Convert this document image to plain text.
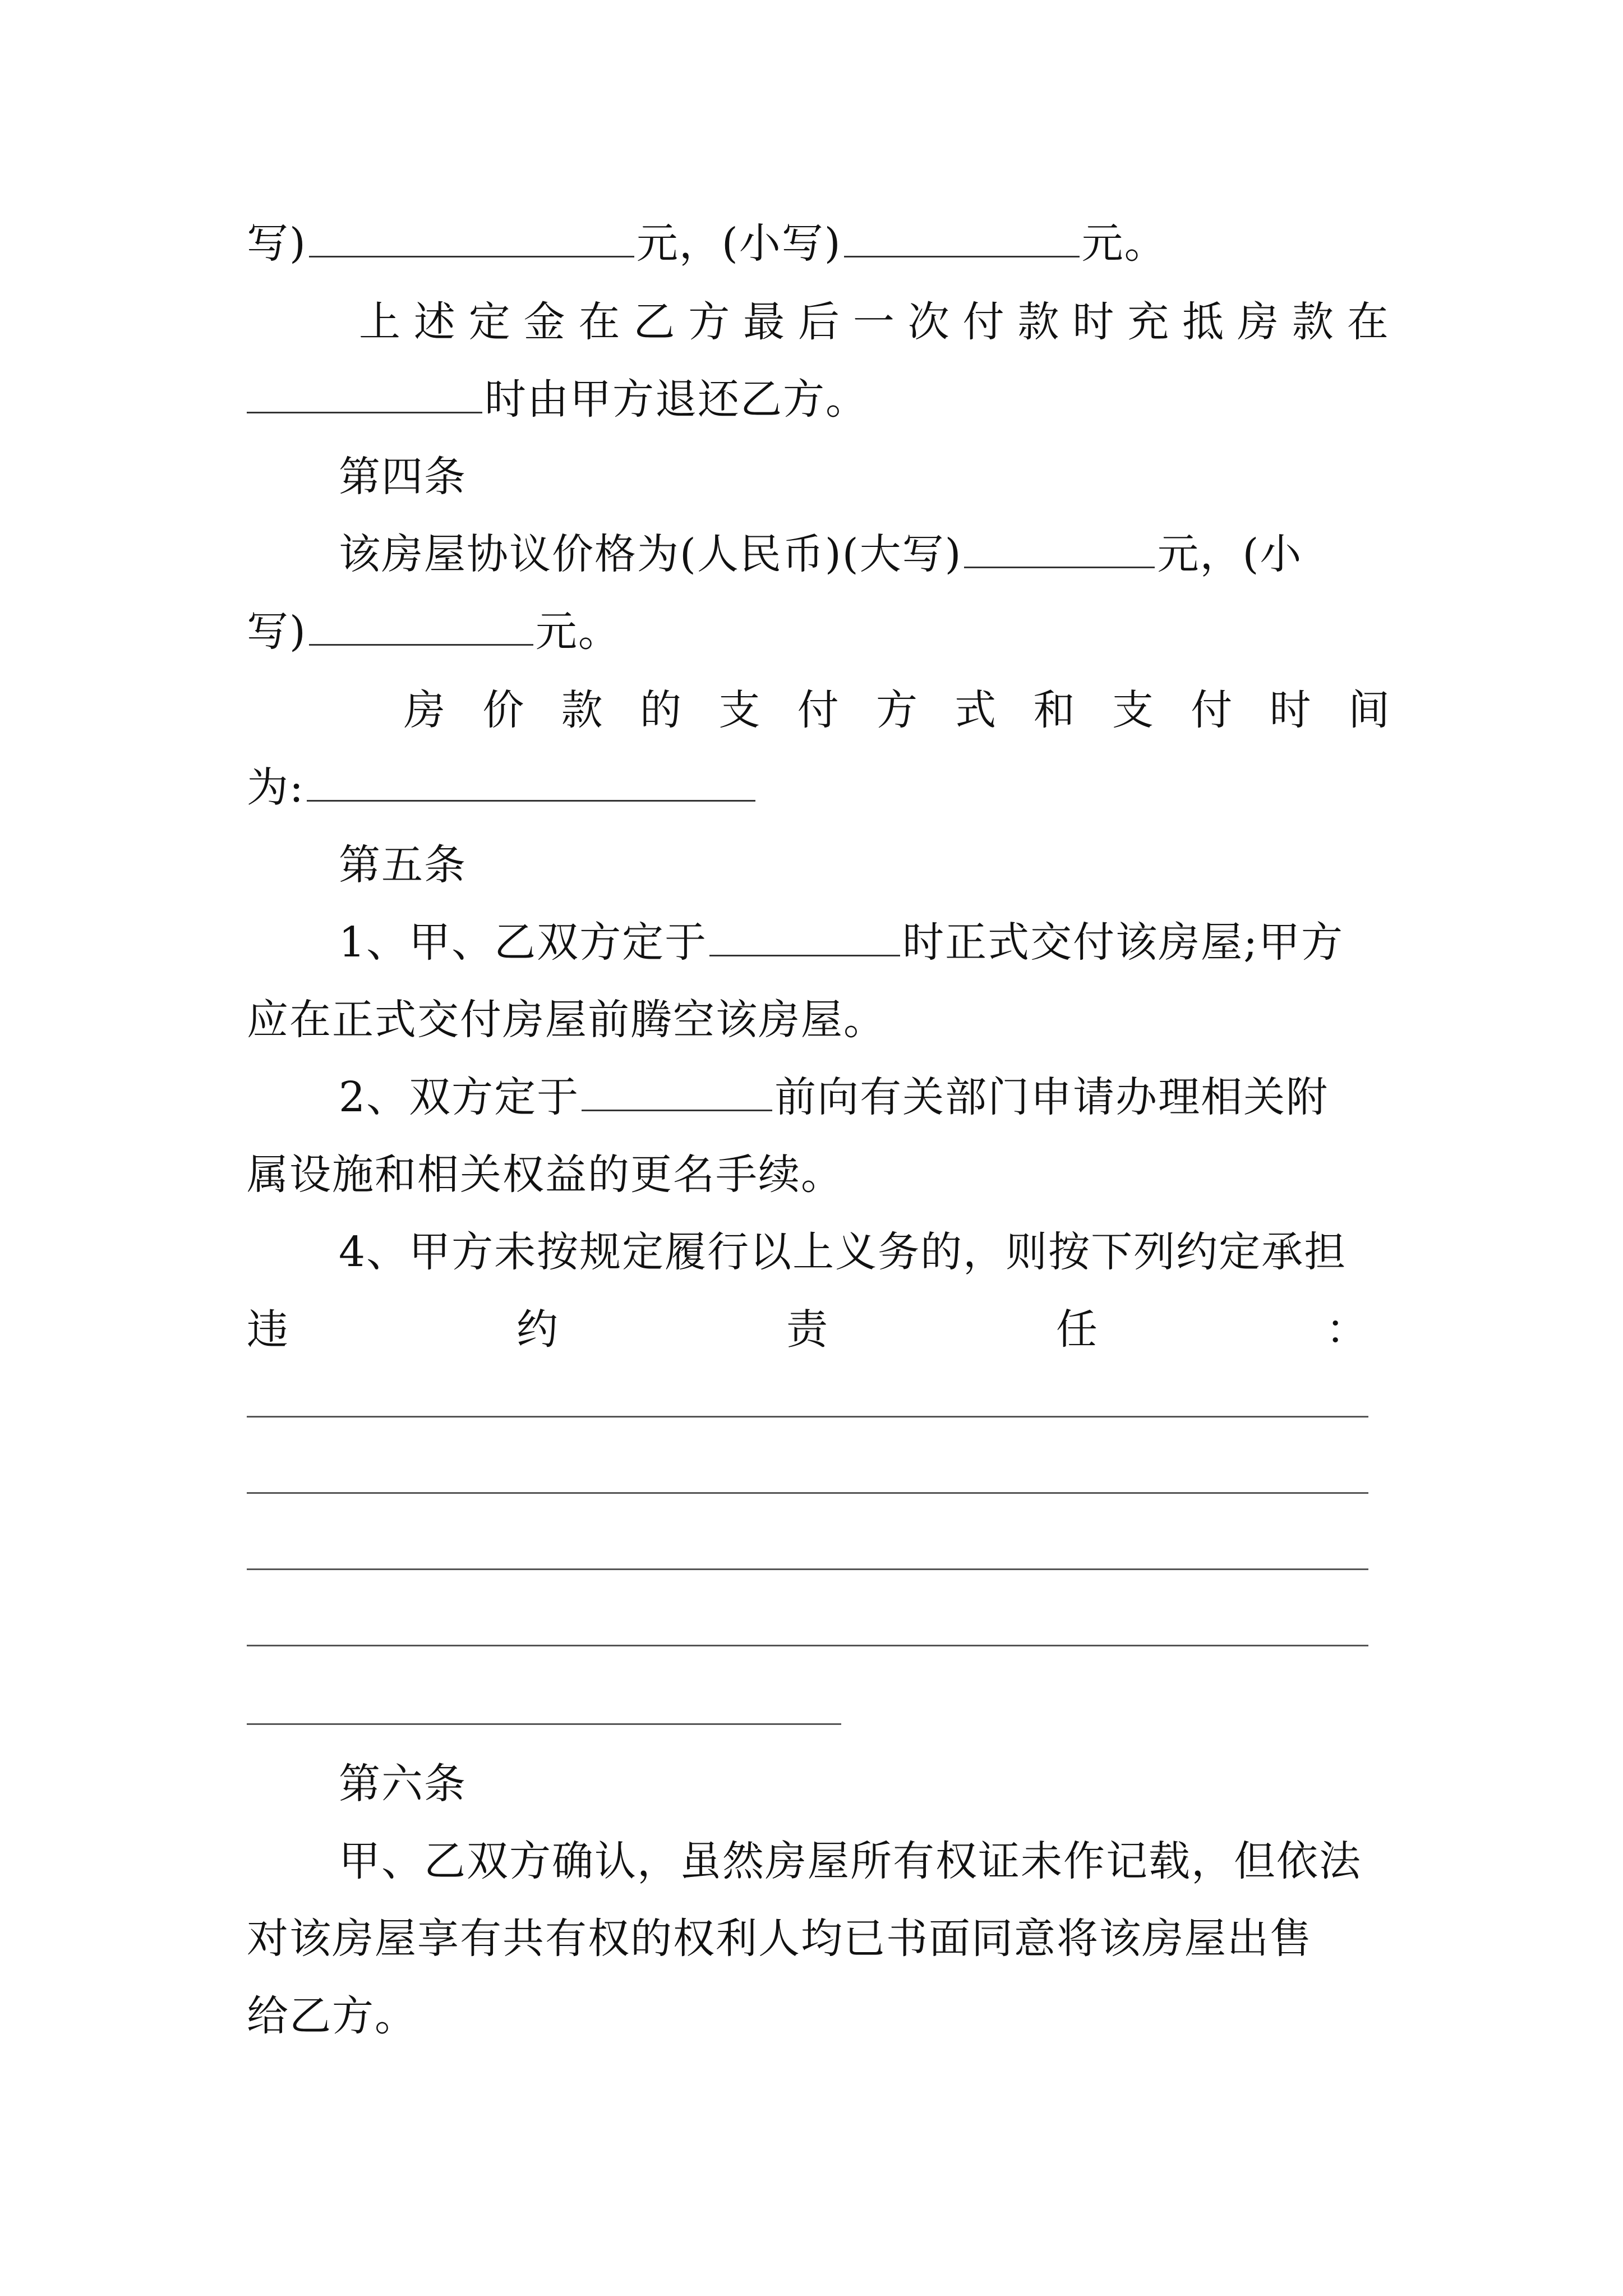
写)	元，(小写)	元。
上 述 定 金 在 乙 方 最 后 一 次 付 款 时 充 抵 房 款 在
时由甲方退还乙方。
第四条
该房屋协议价格为(人民币)(大写)	元，(小
写)	元。
房 价 款 的 支 付 方 式 和 支 付 时 间
为:
第五条
1、甲、乙双方定于	时正式交付该房屋;甲方
应在正式交付房屋前腾空该房屋。
2、双方定于	前向有关部门申请办理相关附
属设施和相关权益的更名手续。
4、甲方未按规定履行以上义务的，则按下列约定承担
违	约	责	任	：
第六条
甲、乙双方确认，虽然房屋所有权证未作记载，但依法
对该房屋享有共有权的权利人均已书面同意将该房屋出售
给乙方。
